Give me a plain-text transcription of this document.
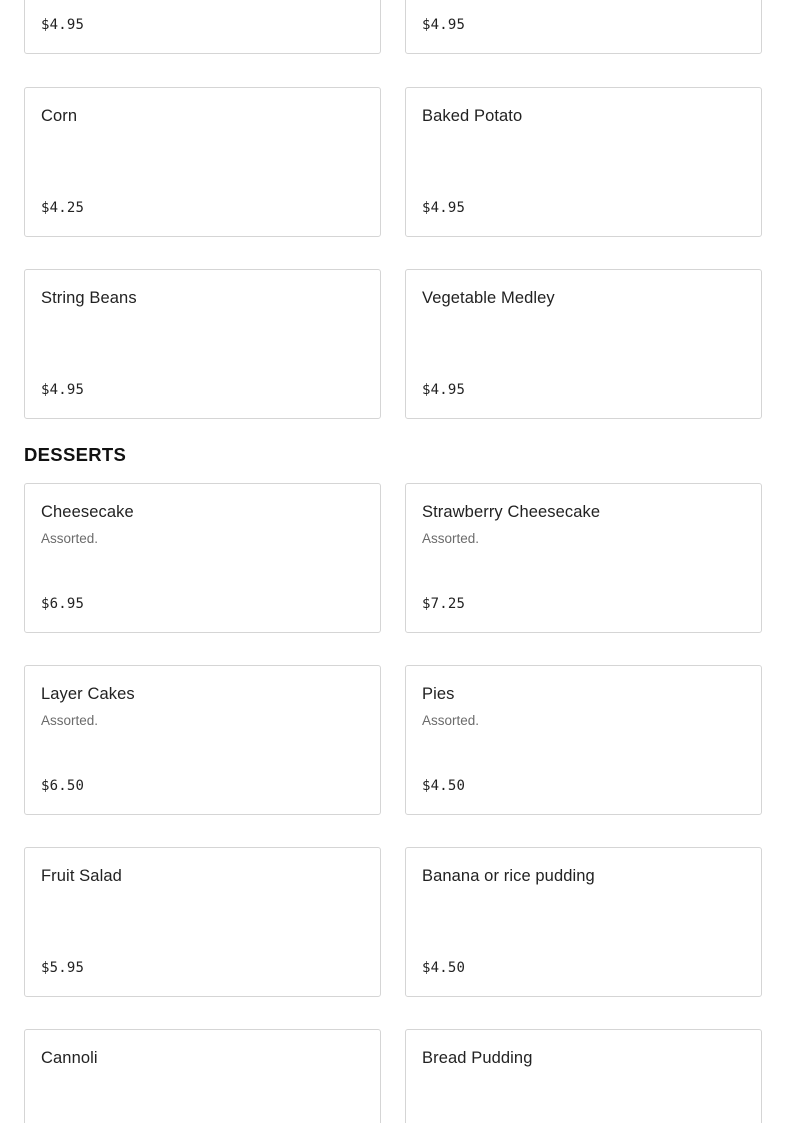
$4.95	$4.95
Corn
$4.25
Baked Potato
$4.95
String Beans
$4.95
Vegetable Medley
$4.95
DESSERTS
Cheesecake
Assorted.
$6.95
Strawberry Cheesecake
Assorted.
$7.25
Layer Cakes
Assorted.
$6.50
Pies
Assorted.
$4.50
Fruit Salad
$5.95
Banana or rice pudding
$4.50
Cannoli	Bread Pudding
